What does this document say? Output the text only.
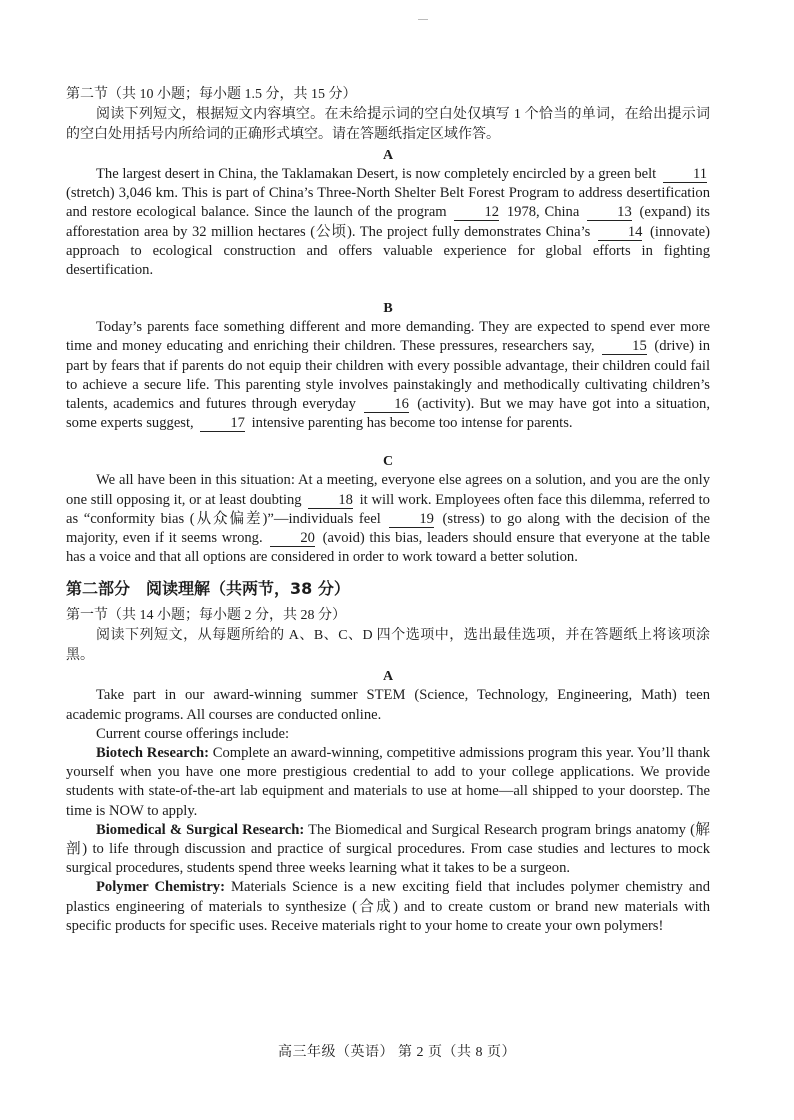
第二节（共 10 小题；每小题 1.5 分，共 15 分）

阅读下列短文，根据短文内容填空。在未给提示词的空白处仅填写 1 个恰当的单词，在给出提示词的空白处用括号内所给词的正确形式填空。请在答题纸指定区域作答。

A

The largest desert in China, the Taklamakan Desert, is now completely encircled by a green belt	11 (stretch) 3,046 km. This is part of China’s Three-North Shelter Belt Forest Program to address desertification and restore ecological balance. Since the launch of the program	12 1978, China	13 (expand) its afforestation area by 32 million hectares (公顷). The project fully demonstrates China’s	14 (innovate) approach to ecological construction and offers valuable experience for global efforts in fighting desertification.

B

Today’s parents face something different and more demanding. They are expected to spend ever more time and money educating and enriching their children. These pressures, researchers say,	15 (drive) in part by fears that if parents do not equip their children with every possible advantage, their children could fail to achieve a secure life. This parenting style involves painstakingly and methodically cultivating children’s talents, academics and futures through everyday	16 (activity). But we may have got into a situation, some experts suggest,	17 intensive parenting has become too intense for parents.

C

We all have been in this situation: At a meeting, everyone else agrees on a solution, and you are the only one still opposing it, or at least doubting	18 it will work. Employees often face this dilemma, referred to as “conformity bias (从众偏差)”—individuals feel	19 (stress) to go along with the decision of the majority, even if it seems wrong.	20 (avoid) this bias, leaders should ensure that everyone at the table has a voice and that all options are considered in order to work toward a better solution.

第二部分　阅读理解（共两节，38 分）

第一节（共 14 小题；每小题 2 分，共 28 分）

阅读下列短文，从每题所给的 A、B、C、D 四个选项中，选出最佳选项，并在答题纸上将该项涂黑。

A

Take part in our award-winning summer STEM (Science, Technology, Engineering, Math) teen academic programs. All courses are conducted online.

Current course offerings include:

Biotech Research: Complete an award-winning, competitive admissions program this year. You’ll thank yourself when you have one more prestigious credential to add to your college applications. We provide students with state-of-the-art lab equipment and materials to use at home—all shipped to your doorstep. The time is NOW to apply.

Biomedical & Surgical Research: The Biomedical and Surgical Research program brings anatomy (解剖) to life through discussion and practice of surgical procedures. From case studies and lectures to mock surgical procedures, students spend three weeks learning what it takes to be a surgeon.

Polymer Chemistry: Materials Science is a new exciting field that includes polymer chemistry and plastics engineering of materials to synthesize (合成) and to create custom or brand new materials with specific products for specific uses. Receive materials right to your home to create your own polymers!

高三年级（英语） 第 2 页（共 8 页）
